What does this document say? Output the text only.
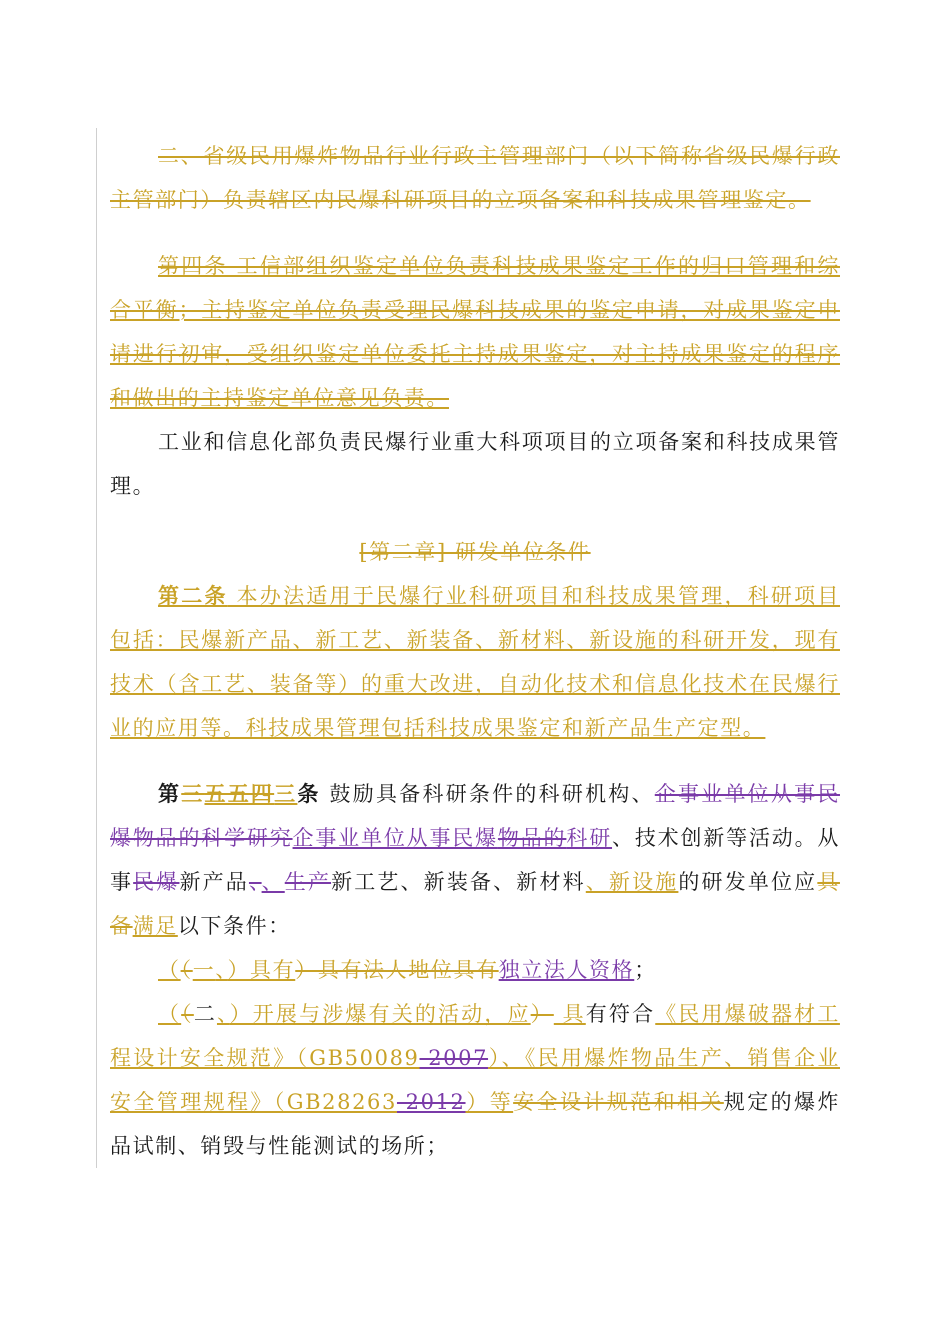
二、省级民用爆炸物品行业行政主管理部门（以下简称省级民爆行政主管部门）负责辖区内民爆科研项目的立项备案和科技成果管理鉴定。

第四条 工信部组织鉴定单位负责科技成果鉴定工作的归口管理和综合平衡；主持鉴定单位负责受理民爆科技成果的鉴定申请，对成果鉴定申请进行初审，受组织鉴定单位委托主持成果鉴定，对主持成果鉴定的程序和做出的主持鉴定单位意见负责。

工业和信息化部负责民爆行业重大科项项目的立项备案和科技成果管理。

[第二章] 研发单位条件

第二条 本办法适用于民爆行业科研项目和科技成果管理，科研项目包括：民爆新产品、新工艺、新装备、新材料、新设施的科研开发，现有技术（含工艺、装备等）的重大改进，自动化技术和信息化技术在民爆行业的应用等。科技成果管理包括科技成果鉴定和新产品生产定型。

第三五五四三条 鼓励具备科研条件的科研机构、企事业单位从事民爆物品的科学研究企事业单位从事民爆物品的科研、技术创新等活动。从事民爆新产品、、生产新工艺、新装备、新材料、新设施的研发单位应具备满足以下条件：

（（一、）具有）具有法人地位具有独立法人资格；

（（二、）开展与涉爆有关的活动，应） 具有符合《民用爆破器材工程设计安全规范》（GB50089-2007）、《民用爆炸物品生产、销售企业安全管理规程》（GB28263-2012）等安全设计规范和相关规定的爆炸品试制、销毁与性能测试的场所；
